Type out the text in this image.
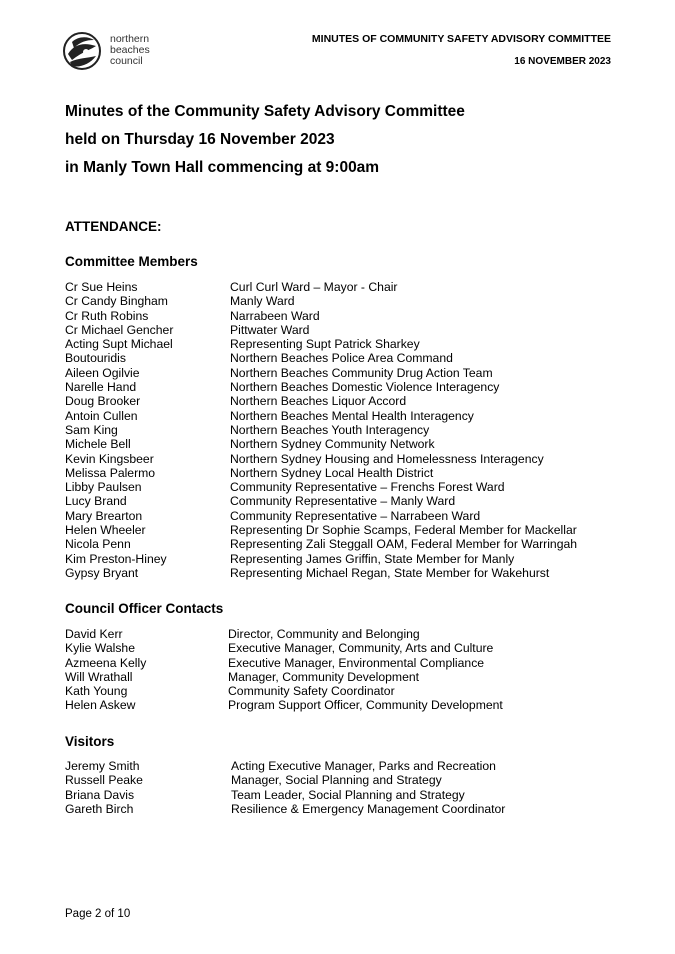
northern
beaches
council
MINUTES OF COMMUNITY SAFETY ADVISORY COMMITTEE
16 NOVEMBER 2023
Minutes of the Community Safety Advisory Committee
held on Thursday 16 November 2023
in Manly Town Hall commencing at 9:00am
ATTENDANCE:
Committee Members
Cr Sue Heins	Curl Curl Ward – Mayor - Chair
Cr Candy Bingham	Manly Ward
Cr Ruth Robins	Narrabeen Ward
Cr Michael Gencher	Pittwater Ward
Acting Supt Michael	Representing Supt Patrick Sharkey
Boutouridis	Northern Beaches Police Area Command
Aileen Ogilvie	Northern Beaches Community Drug Action Team
Narelle Hand	Northern Beaches Domestic Violence Interagency
Doug Brooker	Northern Beaches Liquor Accord
Antoin Cullen	Northern Beaches Mental Health Interagency
Sam King	Northern Beaches Youth Interagency
Michele Bell	Northern Sydney Community Network
Kevin Kingsbeer	Northern Sydney Housing and Homelessness Interagency
Melissa Palermo	Northern Sydney Local Health District
Libby Paulsen	Community Representative – Frenchs Forest Ward
Lucy Brand	Community Representative – Manly Ward
Mary Brearton	Community Representative – Narrabeen Ward
Helen Wheeler	Representing Dr Sophie Scamps, Federal Member for Mackellar
Nicola Penn	Representing Zali Steggall OAM, Federal Member for Warringah
Kim Preston-Hiney	Representing James Griffin, State Member for Manly
Gypsy Bryant	Representing Michael Regan, State Member for Wakehurst
Council Officer Contacts
David Kerr	Director, Community and Belonging
Kylie Walshe	Executive Manager, Community, Arts and Culture
Azmeena Kelly	Executive Manager, Environmental Compliance
Will Wrathall	Manager, Community Development
Kath Young	Community Safety Coordinator
Helen Askew	Program Support Officer, Community Development
Visitors
Jeremy Smith	Acting Executive Manager, Parks and Recreation
Russell Peake	Manager, Social Planning and Strategy
Briana Davis	Team Leader, Social Planning and Strategy
Gareth Birch	Resilience & Emergency Management Coordinator
Page 2 of 10
